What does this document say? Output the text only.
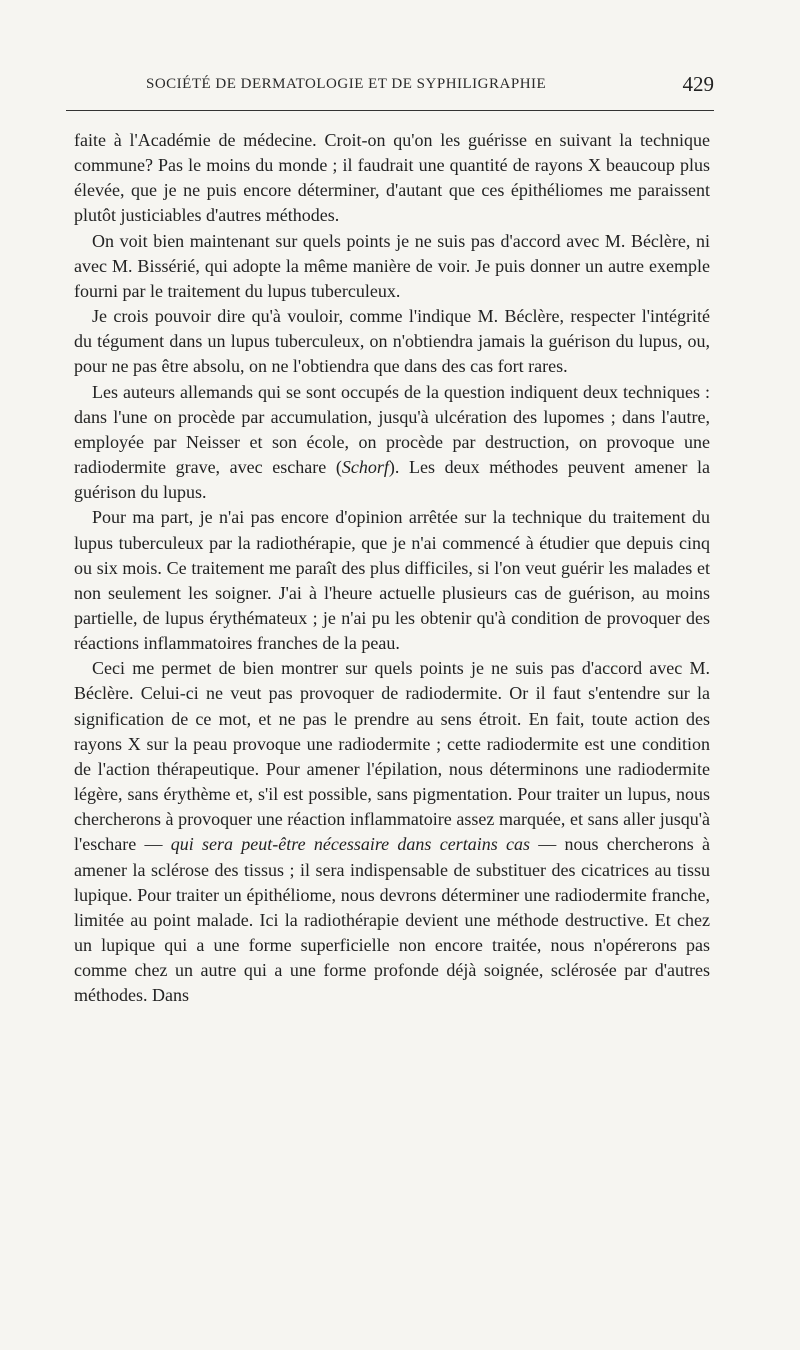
SOCIÉTÉ DE DERMATOLOGIE ET DE SYPHILIGRAPHIE	429

faite à l'Académie de médecine. Croit-on qu'on les guérisse en suivant la technique commune? Pas le moins du monde ; il faudrait une quantité de rayons X beaucoup plus élevée, que je ne puis encore déterminer, d'autant que ces épithéliomes me paraissent plutôt justiciables d'autres méthodes.

On voit bien maintenant sur quels points je ne suis pas d'accord avec M. Béclère, ni avec M. Bissérié, qui adopte la même manière de voir. Je puis donner un autre exemple fourni par le traitement du lupus tuberculeux.

Je crois pouvoir dire qu'à vouloir, comme l'indique M. Béclère, respecter l'intégrité du tégument dans un lupus tuberculeux, on n'obtiendra jamais la guérison du lupus, ou, pour ne pas être absolu, on ne l'obtiendra que dans des cas fort rares.

Les auteurs allemands qui se sont occupés de la question indiquent deux techniques : dans l'une on procède par accumulation, jusqu'à ulcération des lupomes ; dans l'autre, employée par Neisser et son école, on procède par destruction, on provoque une radiodermite grave, avec eschare (Schorf). Les deux méthodes peuvent amener la guérison du lupus.

Pour ma part, je n'ai pas encore d'opinion arrêtée sur la technique du traitement du lupus tuberculeux par la radiothérapie, que je n'ai commencé à étudier que depuis cinq ou six mois. Ce traitement me paraît des plus difficiles, si l'on veut guérir les malades et non seulement les soigner. J'ai à l'heure actuelle plusieurs cas de guérison, au moins partielle, de lupus érythémateux ; je n'ai pu les obtenir qu'à condition de provoquer des réactions inflammatoires franches de la peau.

Ceci me permet de bien montrer sur quels points je ne suis pas d'accord avec M. Béclère. Celui-ci ne veut pas provoquer de radiodermite. Or il faut s'entendre sur la signification de ce mot, et ne pas le prendre au sens étroit. En fait, toute action des rayons X sur la peau provoque une radiodermite ; cette radiodermite est une condition de l'action thérapeutique. Pour amener l'épilation, nous déterminons une radiodermite légère, sans érythème et, s'il est possible, sans pigmentation. Pour traiter un lupus, nous chercherons à provoquer une réaction inflammatoire assez marquée, et sans aller jusqu'à l'eschare — qui sera peut-être nécessaire dans certains cas — nous chercherons à amener la sclérose des tissus ; il sera indispensable de substituer des cicatrices au tissu lupique. Pour traiter un épithéliome, nous devrons déterminer une radiodermite franche, limitée au point malade. Ici la radiothérapie devient une méthode destructive. Et chez un lupique qui a une forme superficielle non encore traitée, nous n'opérerons pas comme chez un autre qui a une forme profonde déjà soignée, sclérosée par d'autres méthodes. Dans
